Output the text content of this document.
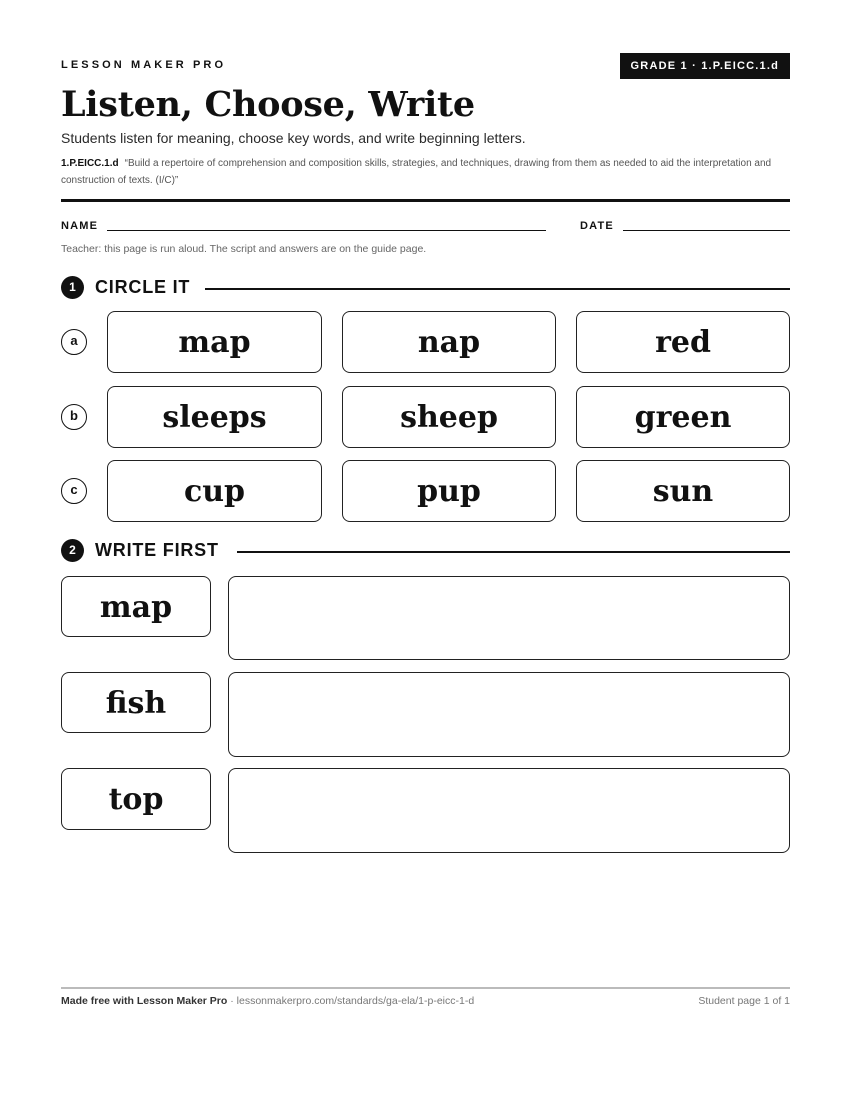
LESSON MAKER PRO	GRADE 1 · 1.P.EICC.1.d
Listen, Choose, Write
Students listen for meaning, choose key words, and write beginning letters.
1.P.EICC.1.d “Build a repertoire of comprehension and composition skills, strategies, and techniques, drawing from them as needed to aid the interpretation and construction of texts. (I/C)”
NAME	DATE
Teacher: this page is run aloud. The script and answers are on the guide page.
1	CIRCLE IT
a	map	nap	red
b	sleeps	sheep	green
c	cup	pup	sun
2	WRITE FIRST
map
fish
top
Made free with Lesson Maker Pro · lessonmakerpro.com/standards/ga-ela/1-p-eicc-1-d	Student page 1 of 1
